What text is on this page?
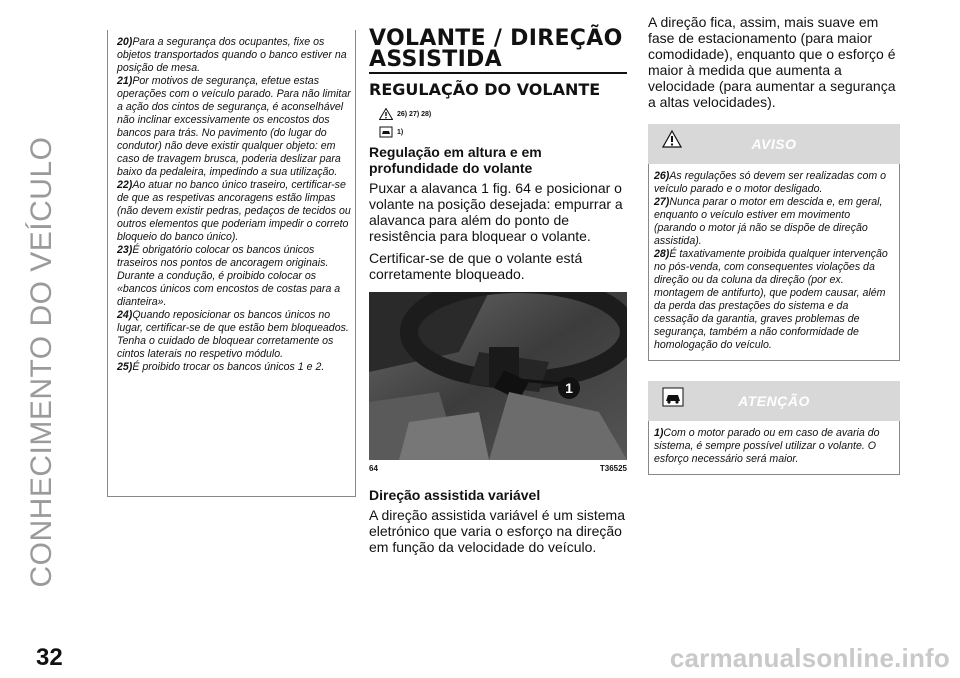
CONHECIMENTO DO VEÍCULO
32

20)Para a segurança dos ocupantes, fixe os objetos transportados quando o banco estiver na posição de mesa.

21)Por motivos de segurança, efetue estas operações com o veículo parado. Para não limitar a ação dos cintos de segurança, é aconselhável não inclinar excessivamente os encostos dos bancos para trás. No pavimento (do lugar do condutor) não deve existir qualquer objeto: em caso de travagem brusca, poderia deslizar para baixo da pedaleira, impedindo a sua utilização.

22)Ao atuar no banco único traseiro, certificar-se de que as respetivas ancoragens estão limpas (não devem existir pedras, pedaços de tecidos ou outros elementos que poderiam impedir o correto bloqueio do banco único).

23)É obrigatório colocar os bancos únicos traseiros nos pontos de ancoragem originais. Durante a condução, é proibido colocar os «bancos únicos com encostos de costas para a dianteira».

24)Quando reposicionar os bancos únicos no lugar, certificar-se de que estão bem bloqueados. Tenha o cuidado de bloquear corretamente os cintos laterais no respetivo módulo.

25)É proibido trocar os bancos únicos 1 e 2.

VOLANTE / DIREÇÃO ASSISTIDA
REGULAÇÃO DO VOLANTE
26) 27) 28)
1)
Regulação em altura e em profundidade do volante

Puxar a alavanca 1 fig. 64 e posicionar o volante na posição desejada: empurrar a alavanca para além do ponto de resistência para bloquear o volante.

Certificar-se de que o volante está corretamente bloqueado.

1
64	T36525
Direção assistida variável

A direção assistida variável é um sistema eletrónico que varia o esforço na direção em função da velocidade do veículo.

A direção fica, assim, mais suave em fase de estacionamento (para maior comodidade), enquanto que o esforço é maior à medida que aumenta a velocidade (para aumentar a segurança a altas velocidades).

AVISO

26)As regulações só devem ser realizadas com o veículo parado e o motor desligado.

27)Nunca parar o motor em descida e, em geral, enquanto o veículo estiver em movimento (parando o motor já não se dispõe de direção assistida).

28)É taxativamente proibida qualquer intervenção no pós-venda, com consequentes violações da direção ou da coluna da direção (por ex. montagem de antifurto), que podem causar, além da perda das prestações do sistema e da cessação da garantia, graves problemas de segurança, também a não conformidade de homologação do veículo.

ATENÇÃO

1)Com o motor parado ou em caso de avaria do sistema, é sempre possível utilizar o volante. O esforço necessário será maior.

carmanualsonline.info
